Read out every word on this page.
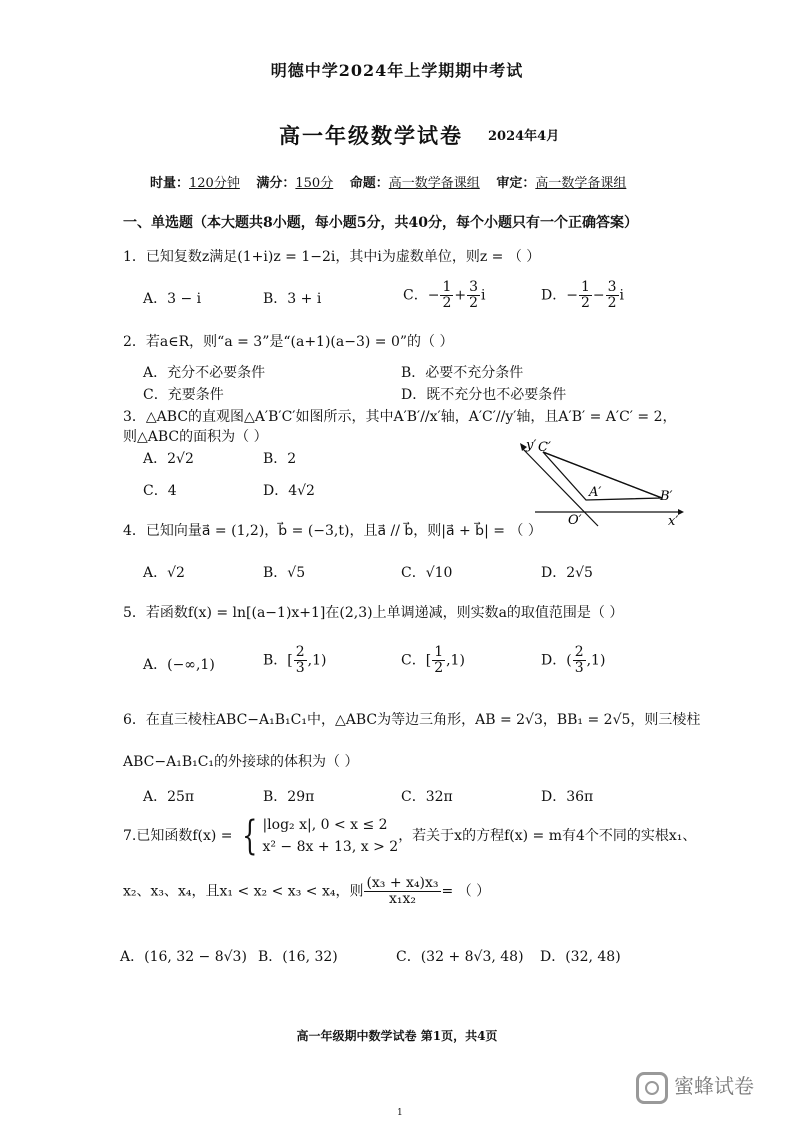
明德中学2024年上学期期中考试
高一年级数学试卷 2024年4月
时量：120分钟 满分：150分 命题：高一数学备课组 审定：高一数学备课组
一、单选题（本大题共8小题，每小题5分，共40分，每个小题只有一个正确答案）
1．已知复数z满足(1+i)z = 1−2i，其中i为虚数单位，则z = （ ）
A．3 − i	B．3 + i	C．− $\frac{1}{2} + \frac{3}{2}$ i	D．− $\frac{1}{2} - \frac{3}{2}$ i
2．若a∈R，则“a = 3”是“(a+1)(a−3) = 0”的（ ）
A．充分不必要条件	B．必要不充分条件
C．充要条件	D．既不充分也不必要条件
3．△ABC的直观图△A′B′C′如图所示，其中A′B′//x′轴，A′C′//y′轴，且A′B′ = A′C′ = 2，
则△ABC的面积为（ ）
A．2√2	B．2
C．4	D．4√2
y′ C′
A′	B′
O′	x′
4．已知向量a⃗ = (1,2)，b⃗ = (−3,t)，且a⃗ // b⃗，则|a⃗ + b⃗| = （ ）
A．√2	B．√5	C．√10	D．2√5
5．若函数f(x) = ln[(a−1)x+1]在(2,3)上单调递减，则实数a的取值范围是（ ）
A．(−∞,1)	B．[ $\frac{2}{3} ,1$)	C．[ $\frac{1}{2} ,1$)	D．( $\frac{2}{3} ,1$)
6．在直三棱柱ABC−A₁B₁C₁中，△ABC为等边三角形，AB = 2√3，BB₁ = 2√5，则三棱柱
ABC−A₁B₁C₁的外接球的体积为（ ）
A．25π	B．29π	C．32π	D．36π
7.已知函数f(x) = { |log₂ x|, 0 < x ≤ 2
x² − 8x + 13, x > 2
，若关于x的方程f(x) = m有4个不同的实根x₁、
x₂、x₃、x₄，且x₁ < x₂ < x₃ < x₄，则 $\frac{\text{(x₃ + x₄)x₃}}{\text{x₁x₂}}$ = （ ）
A．(16, 32 − 8√3) B．(16, 32)	C．(32 + 8√3, 48) D．(32, 48)
高一年级期中数学试卷 第1页，共4页
1
蜜蜂试卷
